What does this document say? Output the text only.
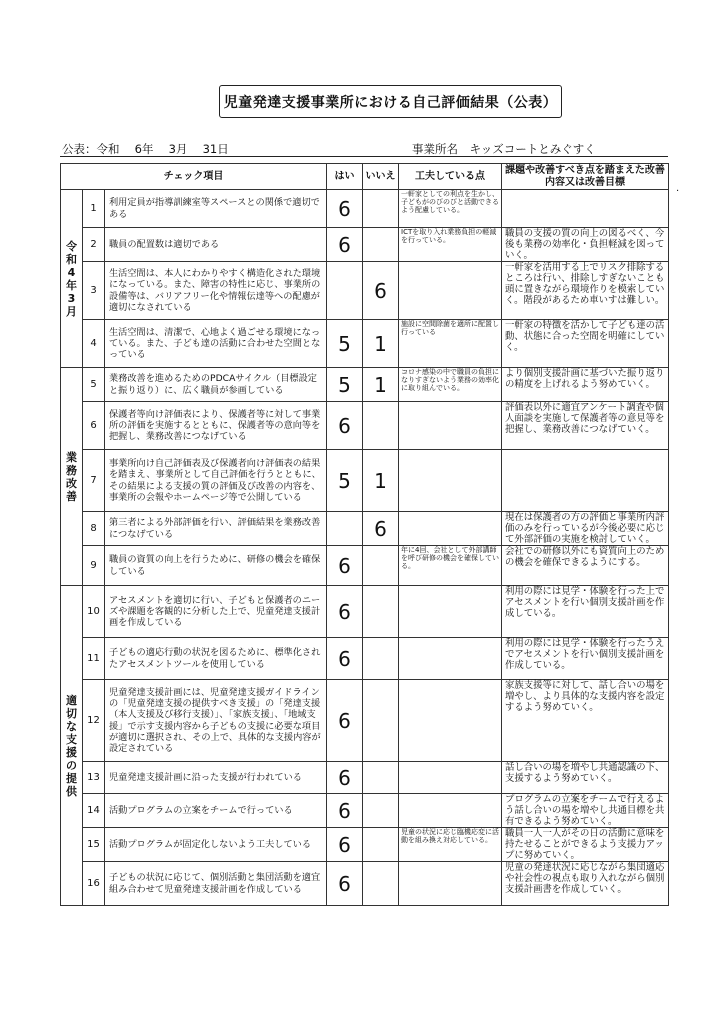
児童発達支援事業所における自己評価結果（公表）
公表：令和　 6年　 3月　 31日	事業所名　 キッズコートとみぐすく
·
チェック項目			はい	いいえ	工夫している点	課題や改善すべき点を踏まえた改善内容又は改善目標
令和　4年　3月	1	利用定員が指導訓練室等スペースとの関係で適切である	6		一軒家としての利点を生かし、子どもがのびのびと活動できるよう配慮している。	
	2	職員の配置数は適切である	6		ICTを取り入れ業務負担の軽減を行っている。	職員の支援の質の向上の図るべく、今後も業務の効率化・負担軽減を図っていく。
	3	生活空間は、本人にわかりやすく構造化された環境になっている。また、障害の特性に応じ、事業所の設備等は、バリアフリー化や情報伝達等への配慮が適切になされている		6		一軒家を活用する上でリスク排除するところは行い、排除しすぎないことも頭に置きながら環境作りを模索していく。階段があるため車いすは難しい。
	4	生活空間は、清潔で、心地よく過ごせる環境になっている。また、子ども達の活動に合わせた空間となっている	5	1	施設に空間除菌を適所に配置し行っている	一軒家の特徴を活かして子ども達の活動、状態に合った空間を明確にしていく。
業務改善	5	業務改善を進めるためのPDCAサイクル（目標設定と振り返り）に、広く職員が参画している	5	1	コロナ感染の中で職員の負担になりすぎないよう業務の効率化に取り組んでいる。	より個別支援計画に基づいた振り返りの精度を上げれるよう努めていく。
	6	保護者等向け評価表により、保護者等に対して事業所の評価を実施するとともに、保護者等の意向等を把握し、業務改善につなげている	6			評価表以外に適宜アンケート調査や個人面談を実施して保護者等の意見等を把握し、業務改善につなげていく。
	7	事業所向け自己評価表及び保護者向け評価表の結果を踏まえ、事業所として自己評価を行うとともに、その結果による支援の質の評価及び改善の内容を、事業所の会報やホームページ等で公開している	5	1		
	8	第三者による外部評価を行い、評価結果を業務改善につなげている		6		現在は保護者の方の評価と事業所内評価のみを行っているが今後必要に応じて外部評価の実施を検討していく。
	9	職員の資質の向上を行うために、研修の機会を確保している	6		年に4回、会社として外部講師を呼び研修の機会を確保している。	会社での研修以外にも資質向上のための機会を確保できるようにする。
適切な支援の提供	10	アセスメントを適切に行い、子どもと保護者のニーズや課題を客観的に分析した上で、児童発達支援計画を作成している	6			利用の際には見学・体験を行った上でアセスメントを行い個別支援計画を作成している。
	11	子どもの適応行動の状況を図るために、標準化されたアセスメントツールを使用している	6			利用の際には見学・体験を行ったうえでアセスメントを行い個別支援計画を作成している。
	12	児童発達支援計画には、児童発達支援ガイドラインの「児童発達支援の提供すべき支援」の「発達支援（本人支援及び移行支援）」、「家族支援」、「地域支援」で示す支援内容から子どもの支援に必要な項目が適切に選択され、その上で、具体的な支援内容が設定されている	6			家族支援等に対して、話し合いの場を増やし、より具体的な支援内容を設定するよう努めていく。
	13	児童発達支援計画に沿った支援が行われている	6			話し合いの場を増やし共通認識の下、支援するよう努めていく。
	14	活動プログラムの立案をチームで行っている	6			プログラムの立案をチームで行えるよう話し合いの場を増やし共通目標を共有できるよう努めていく。
	15	活動プログラムが固定化しないよう工夫している	6		児童の状況に応じ臨機応変に活動を組み換え対応している。	職員一人一人がその日の活動に意味を持たせることができるよう支援力アップに努めていく。
	16	子どもの状況に応じて、個別活動と集団活動を適宜組み合わせて児童発達支援計画を作成している	6			児童の発達状況に応じながら集団適応や社会性の視点も取り入れながら個別支援計画書を作成していく。
